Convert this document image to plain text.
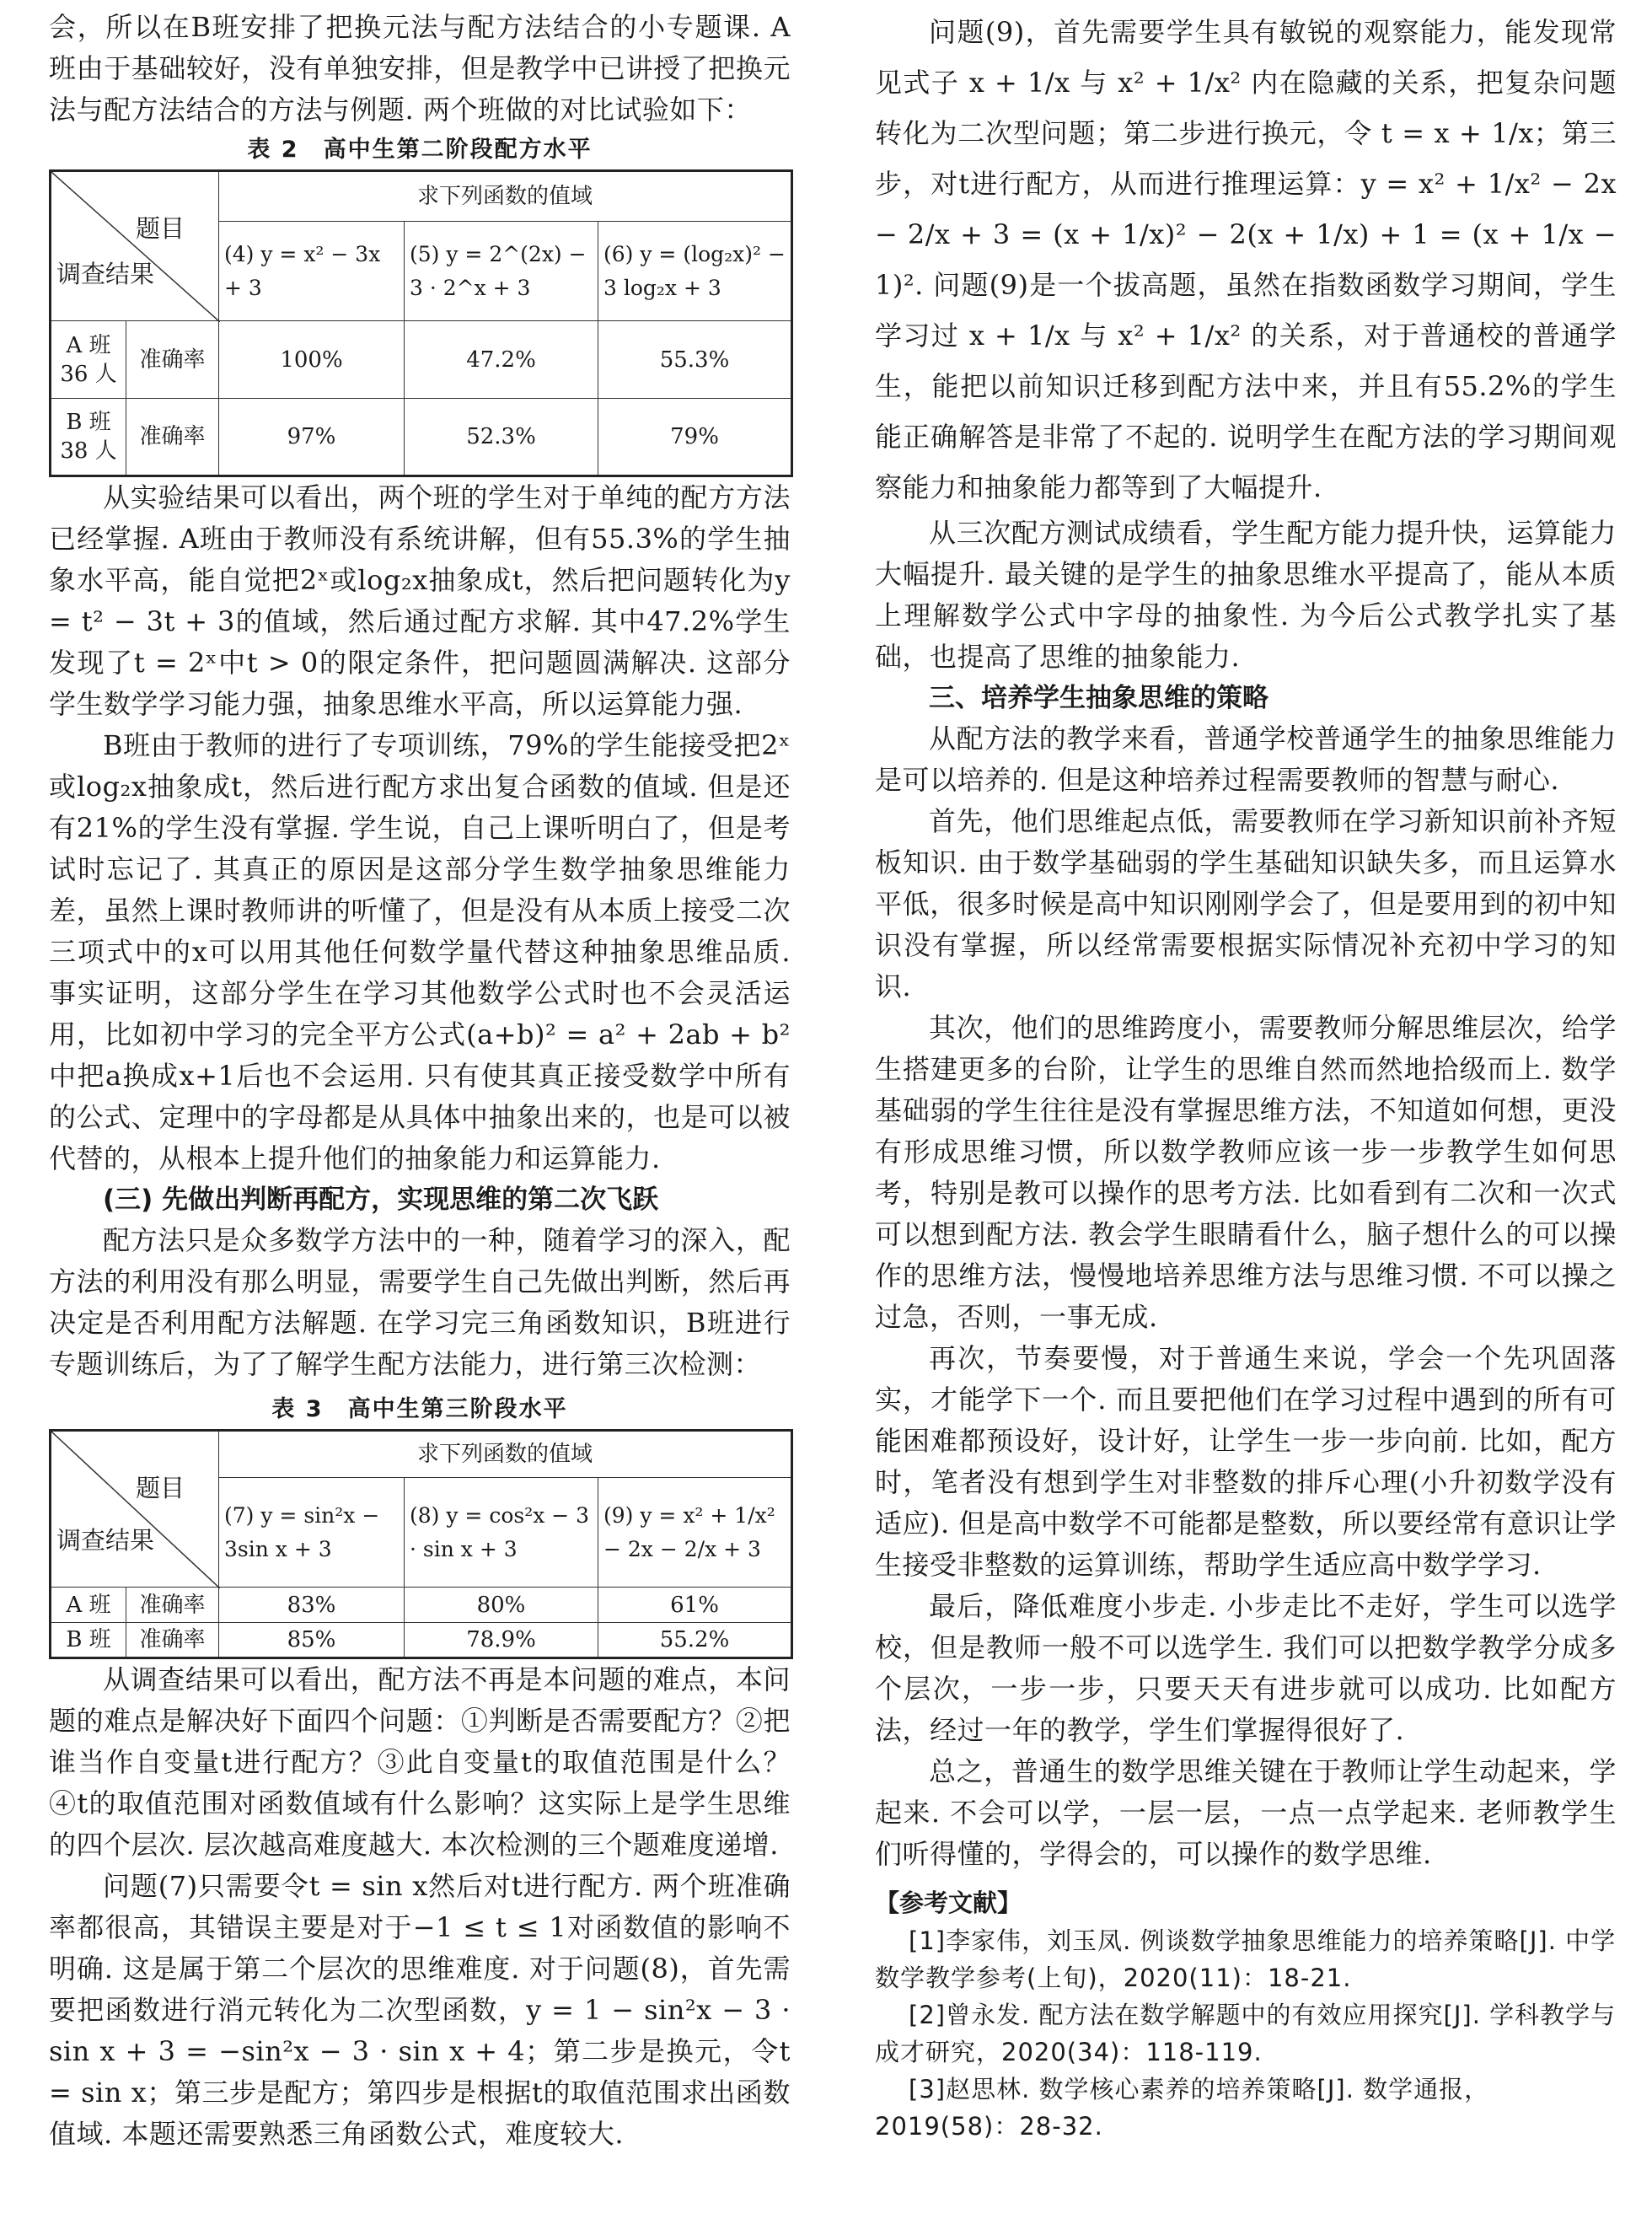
会，所以在B班安排了把换元法与配方法结合的小专题课. A班由于基础较好，没有单独安排，但是教学中已讲授了把换元法与配方法结合的方法与例题. 两个班做的对比试验如下：

表 2　高中生第二阶段配方水平
题目
调查结果		求下列函数的值域		
		(4) y = x² − 3x + 3	(5) y = 2^(2x) − 3 · 2^x + 3	(6) y = (log₂x)² − 3 log₂x + 3
A 班 36 人	准确率	100%	47.2%	55.3%
B 班 38 人	准确率	97%	52.3%	79%

从实验结果可以看出，两个班的学生对于单纯的配方方法已经掌握. A班由于教师没有系统讲解，但有55.3%的学生抽象水平高，能自觉把2ˣ或log₂x抽象成t，然后把问题转化为y = t² − 3t + 3的值域，然后通过配方求解. 其中47.2%学生发现了t = 2ˣ中t > 0的限定条件，把问题圆满解决. 这部分学生数学学习能力强，抽象思维水平高，所以运算能力强.

B班由于教师的进行了专项训练，79%的学生能接受把2ˣ或log₂x抽象成t，然后进行配方求出复合函数的值域. 但是还有21%的学生没有掌握. 学生说，自己上课听明白了，但是考试时忘记了. 其真正的原因是这部分学生数学抽象思维能力差，虽然上课时教师讲的听懂了，但是没有从本质上接受二次三项式中的x可以用其他任何数学量代替这种抽象思维品质. 事实证明，这部分学生在学习其他数学公式时也不会灵活运用，比如初中学习的完全平方公式(a+b)² = a² + 2ab + b²中把a换成x+1后也不会运用. 只有使其真正接受数学中所有的公式、定理中的字母都是从具体中抽象出来的，也是可以被代替的，从根本上提升他们的抽象能力和运算能力.

(三) 先做出判断再配方，实现思维的第二次飞跃

配方法只是众多数学方法中的一种，随着学习的深入，配方法的利用没有那么明显，需要学生自己先做出判断，然后再决定是否利用配方法解题. 在学习完三角函数知识，B班进行专题训练后，为了了解学生配方法能力，进行第三次检测：

表 3　高中生第三阶段水平
题目
调查结果		求下列函数的值域		
		(7) y = sin²x − 3sin x + 3	(8) y = cos²x − 3 · sin x + 3	(9) y = x² + 1/x² − 2x − 2/x + 3
A 班	准确率	83%	80%	61%
B 班	准确率	85%	78.9%	55.2%

从调查结果可以看出，配方法不再是本问题的难点，本问题的难点是解决好下面四个问题：①判断是否需要配方？②把谁当作自变量t进行配方？③此自变量t的取值范围是什么？④t的取值范围对函数值域有什么影响？这实际上是学生思维的四个层次. 层次越高难度越大. 本次检测的三个题难度递增.

问题(7)只需要令t = sin x然后对t进行配方. 两个班准确率都很高，其错误主要是对于−1 ≤ t ≤ 1对函数值的影响不明确. 这是属于第二个层次的思维难度. 对于问题(8)，首先需要把函数进行消元转化为二次型函数，y = 1 − sin²x − 3 · sin x + 3 = −sin²x − 3 · sin x + 4；第二步是换元，令t = sin x；第三步是配方；第四步是根据t的取值范围求出函数值域. 本题还需要熟悉三角函数公式，难度较大.

问题(9)，首先需要学生具有敏锐的观察能力，能发现常见式子 x + 1/x 与 x² + 1/x² 内在隐藏的关系，把复杂问题转化为二次型问题；第二步进行换元，令 t = x + 1/x；第三步，对t进行配方，从而进行推理运算：y = x² + 1/x² − 2x − 2/x + 3 = (x + 1/x)² − 2(x + 1/x) + 1 = (x + 1/x − 1)². 问题(9)是一个拔高题，虽然在指数函数学习期间，学生学习过 x + 1/x 与 x² + 1/x² 的关系，对于普通校的普通学生，能把以前知识迁移到配方法中来，并且有55.2%的学生能正确解答是非常了不起的. 说明学生在配方法的学习期间观察能力和抽象能力都等到了大幅提升.

从三次配方测试成绩看，学生配方能力提升快，运算能力大幅提升. 最关键的是学生的抽象思维水平提高了，能从本质上理解数学公式中字母的抽象性. 为今后公式教学扎实了基础，也提高了思维的抽象能力.

三、培养学生抽象思维的策略

从配方法的教学来看，普通学校普通学生的抽象思维能力是可以培养的. 但是这种培养过程需要教师的智慧与耐心.

首先，他们思维起点低，需要教师在学习新知识前补齐短板知识. 由于数学基础弱的学生基础知识缺失多，而且运算水平低，很多时候是高中知识刚刚学会了，但是要用到的初中知识没有掌握，所以经常需要根据实际情况补充初中学习的知识.

其次，他们的思维跨度小，需要教师分解思维层次，给学生搭建更多的台阶，让学生的思维自然而然地拾级而上. 数学基础弱的学生往往是没有掌握思维方法，不知道如何想，更没有形成思维习惯，所以数学教师应该一步一步教学生如何思考，特别是教可以操作的思考方法. 比如看到有二次和一次式可以想到配方法. 教会学生眼睛看什么，脑子想什么的可以操作的思维方法，慢慢地培养思维方法与思维习惯. 不可以操之过急，否则，一事无成.

再次，节奏要慢，对于普通生来说，学会一个先巩固落实，才能学下一个. 而且要把他们在学习过程中遇到的所有可能困难都预设好，设计好，让学生一步一步向前. 比如，配方时，笔者没有想到学生对非整数的排斥心理(小升初数学没有适应). 但是高中数学不可能都是整数，所以要经常有意识让学生接受非整数的运算训练，帮助学生适应高中数学学习.

最后，降低难度小步走. 小步走比不走好，学生可以选学校，但是教师一般不可以选学生. 我们可以把数学教学分成多个层次，一步一步，只要天天有进步就可以成功. 比如配方法，经过一年的教学，学生们掌握得很好了.

总之，普通生的数学思维关键在于教师让学生动起来，学起来. 不会可以学，一层一层，一点一点学起来. 老师教学生们听得懂的，学得会的，可以操作的数学思维.

【参考文献】

[1]李家伟，刘玉凤. 例谈数学抽象思维能力的培养策略[J]. 中学数学教学参考(上旬)，2020(11)：18-21.

[2]曾永发. 配方法在数学解题中的有效应用探究[J]. 学科教学与成才研究，2020(34)：118-119.

[3]赵思林. 数学核心素养的培养策略[J]. 数学通报，2019(58)：28-32.
